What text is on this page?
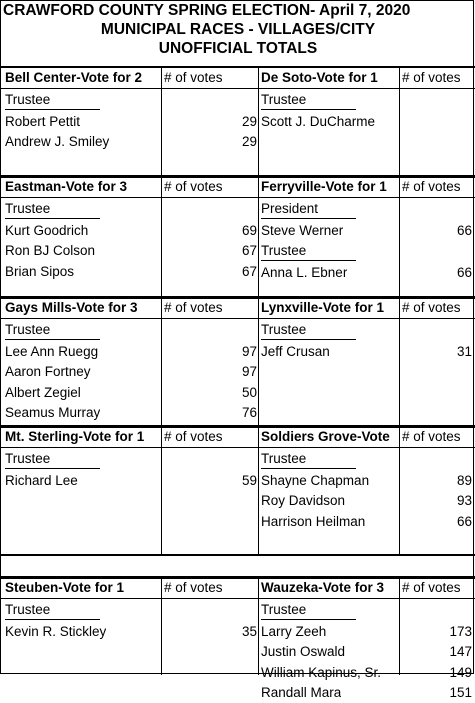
CRAWFORD COUNTY SPRING ELECTION- April 7, 2020
MUNICIPAL RACES - VILLAGES/CITY
UNOFFICIAL TOTALS
Bell Center-Vote for 2	# of votes
Trustee
Robert Pettit	29
Andrew J. Smiley	29
De Soto-Vote for 1	# of votes
Trustee
Scott J. DuCharme
Eastman-Vote for 3	# of votes
Trustee
Kurt Goodrich	69
Ron BJ Colson	67
Brian Sipos	67
Ferryville-Vote for 1	# of votes
President
Steve Werner	66
Trustee
Anna L. Ebner	66
Gays Mills-Vote for 3	# of votes
Trustee
Lee Ann Ruegg	97
Aaron Fortney	97
Albert Zegiel	50
Seamus Murray	76
Lynxville-Vote for 1	# of votes
Trustee
Jeff Crusan	31
Mt. Sterling-Vote for 1	# of votes
Trustee
Richard Lee	59
Soldiers Grove-Vote # of votes
Trustee
Shayne Chapman	89
Roy Davidson	93
Harrison Heilman	66
Steuben-Vote for 1	# of votes
Trustee
Kevin R. Stickley	35
Wauzeka-Vote for 3	# of votes
Trustee
Larry Zeeh	173
Justin Oswald	147
William Kapinus, Sr.	149
Randall Mara	151
